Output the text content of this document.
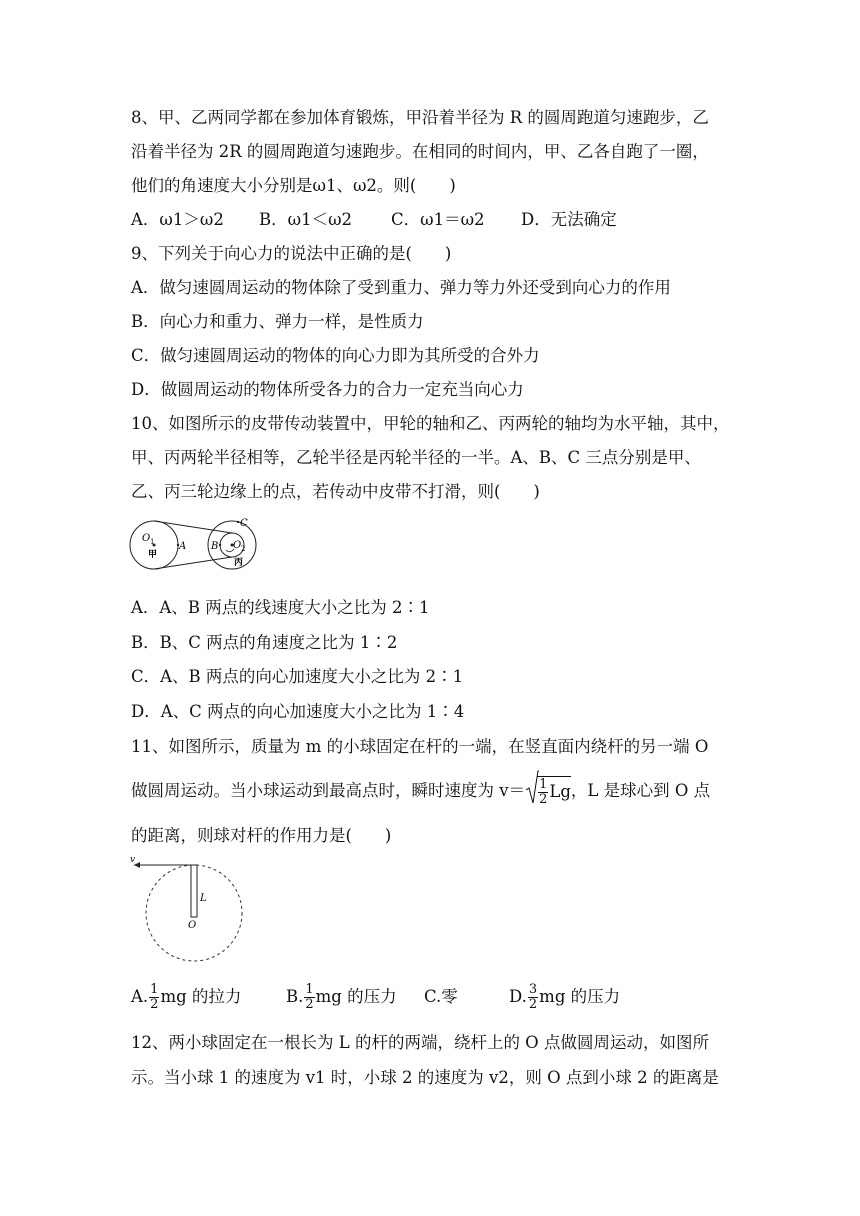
8、甲、乙两同学都在参加体育锻炼，甲沿着半径为 R 的圆周跑道匀速跑步，乙
沿着半径为 2R 的圆周跑道匀速跑步。在相同的时间内，甲、乙各自跑了一圈，
他们的角速度大小分别是ω1、ω2。则(　　)
A．ω1＞ω2 B．ω1＜ω2 C．ω1＝ω2 D．无法确定
9、下列关于向心力的说法中正确的是(　　)
A．做匀速圆周运动的物体除了受到重力、弹力等力外还受到向心力的作用
B．向心力和重力、弹力一样，是性质力
C．做匀速圆周运动的物体的向心力即为其所受的合外力
D．做圆周运动的物体所受各力的合力一定充当向心力
10、如图所示的皮带传动装置中，甲轮的轴和乙、丙两轮的轴均为水平轴，其中，
甲、丙两轮半径相等，乙轮半径是丙轮半径的一半。A、B、C 三点分别是甲、
乙、丙三轮边缘上的点，若传动中皮带不打滑，则(　　)
O 1
甲
A B O 2
C
丙
A．A、B 两点的线速度大小之比为 2∶1
B．B、C 两点的角速度之比为 1∶2
C．A、B 两点的向心加速度大小之比为 2∶1
D．A、C 两点的向心加速度大小之比为 1∶4
11、如图所示，质量为 m 的小球固定在杆的一端，在竖直面内绕杆的另一端 O
做圆周运动。当小球运动到最高点时，瞬时速度为 $v= \frac{1}{2}$ Lg，L 是球心到 O 点
的距离，则球对杆的作用力是(　　)
v
L
O
A. $\frac{1}{2}$ mg 的拉力	B. $\frac{1}{2}$ mg 的压力 C.零	D. $\frac{3}{2}$ mg 的压力
12、两小球固定在一根长为 L 的杆的两端，绕杆上的 O 点做圆周运动，如图所
示。当小球 1 的速度为 v1 时，小球 2 的速度为 v2，则 O 点到小球 2 的距离是
